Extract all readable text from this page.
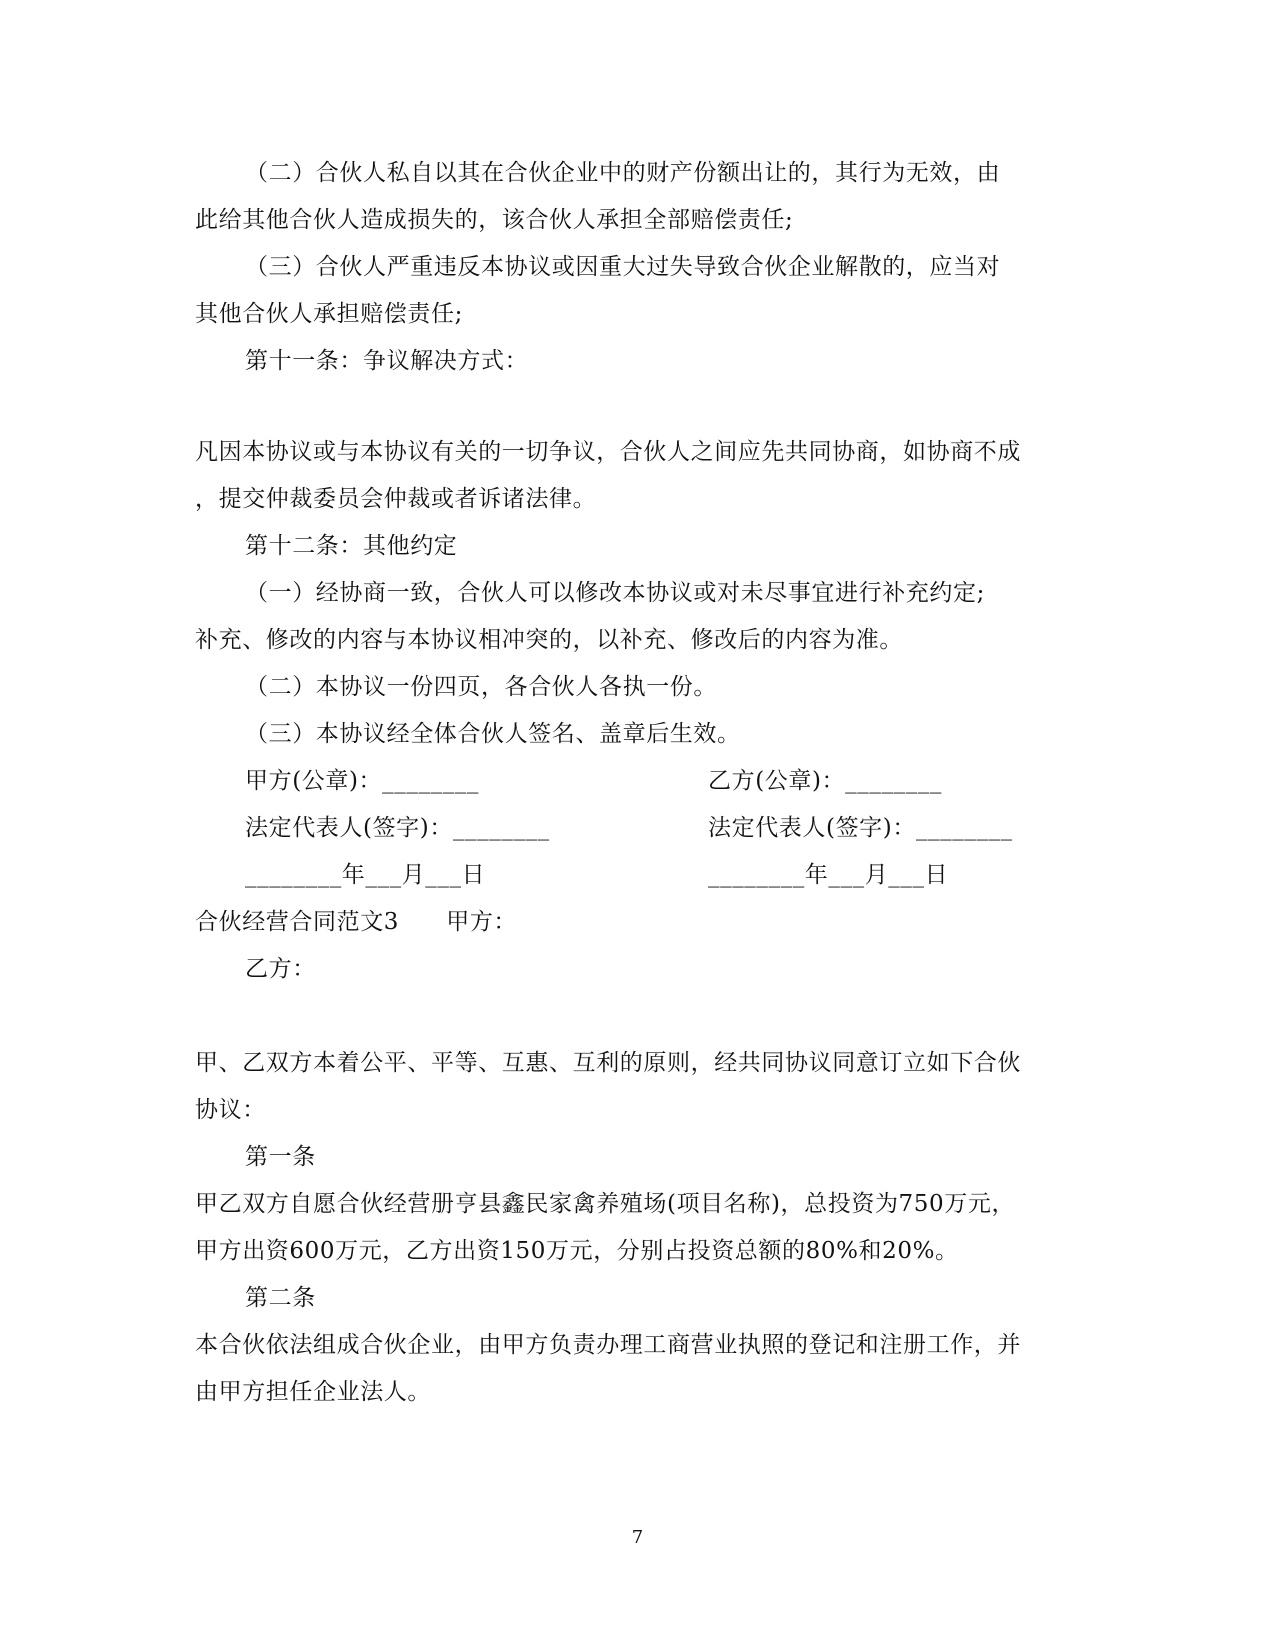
（二）合伙人私自以其在合伙企业中的财产份额出让的，其行为无效，由
此给其他合伙人造成损失的，该合伙人承担全部赔偿责任;
（三）合伙人严重违反本协议或因重大过失导致合伙企业解散的，应当对
其他合伙人承担赔偿责任;
第十一条：争议解决方式：
凡因本协议或与本协议有关的一切争议，合伙人之间应先共同协商，如协商不成
，提交仲裁委员会仲裁或者诉诸法律。
第十二条：其他约定
（一）经协商一致，合伙人可以修改本协议或对未尽事宜进行补充约定;
补充、修改的内容与本协议相冲突的，以补充、修改后的内容为准。
（二）本协议一份四页，各合伙人各执一份。
（三）本协议经全体合伙人签名、盖章后生效。
甲方(公章)：________	乙方(公章)：________
法定代表人(签字)：________	法定代表人(签字)：________
________年___月___日	________年___月___日
合伙经营合同范文3　　甲方：
乙方：
甲、乙双方本着公平、平等、互惠、互利的原则，经共同协议同意订立如下合伙
协议：
第一条
甲乙双方自愿合伙经营册亨县鑫民家禽养殖场(项目名称)，总投资为750万元，
甲方出资600万元，乙方出资150万元，分别占投资总额的80%和20%。
第二条
本合伙依法组成合伙企业，由甲方负责办理工商营业执照的登记和注册工作，并
由甲方担任企业法人。
7
